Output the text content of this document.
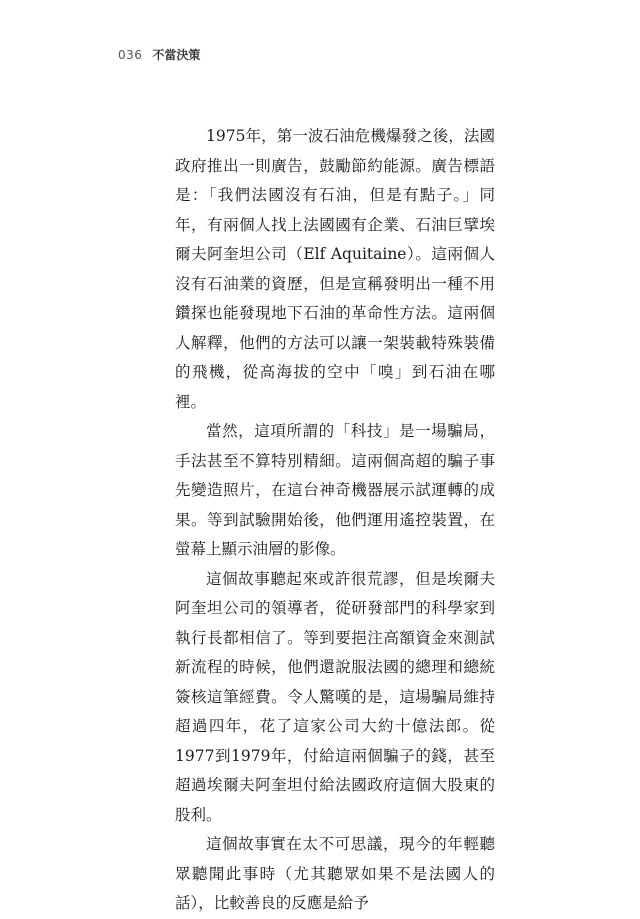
036 不當決策

1975年，第一波石油危機爆發之後，法國政府推出一則廣告，鼓勵節約能源。廣告標語是：「我們法國沒有石油，但是有點子。」同年，有兩個人找上法國國有企業、石油巨擘埃爾夫阿奎坦公司（Elf Aquitaine）。這兩個人沒有石油業的資歷，但是宣稱發明出一種不用鑽探也能發現地下石油的革命性方法。這兩個人解釋，他們的方法可以讓一架裝載特殊裝備的飛機，從高海拔的空中「嗅」到石油在哪裡。

當然，這項所謂的「科技」是一場騙局，手法甚至不算特別精細。這兩個高超的騙子事先變造照片，在這台神奇機器展示試運轉的成果。等到試驗開始後，他們運用遙控裝置，在螢幕上顯示油層的影像。

這個故事聽起來或許很荒謬，但是埃爾夫阿奎坦公司的領導者，從研發部門的科學家到執行長都相信了。等到要挹注高額資金來測試新流程的時候，他們還說服法國的總理和總統簽核這筆經費。令人驚嘆的是，這場騙局維持超過四年，花了這家公司大約十億法郎。從1977到1979年，付給這兩個騙子的錢，甚至超過埃爾夫阿奎坦付給法國政府這個大股東的股利。

這個故事實在太不可思議，現今的年輕聽眾聽聞此事時（尤其聽眾如果不是法國人的話），比較善良的反應是給予
